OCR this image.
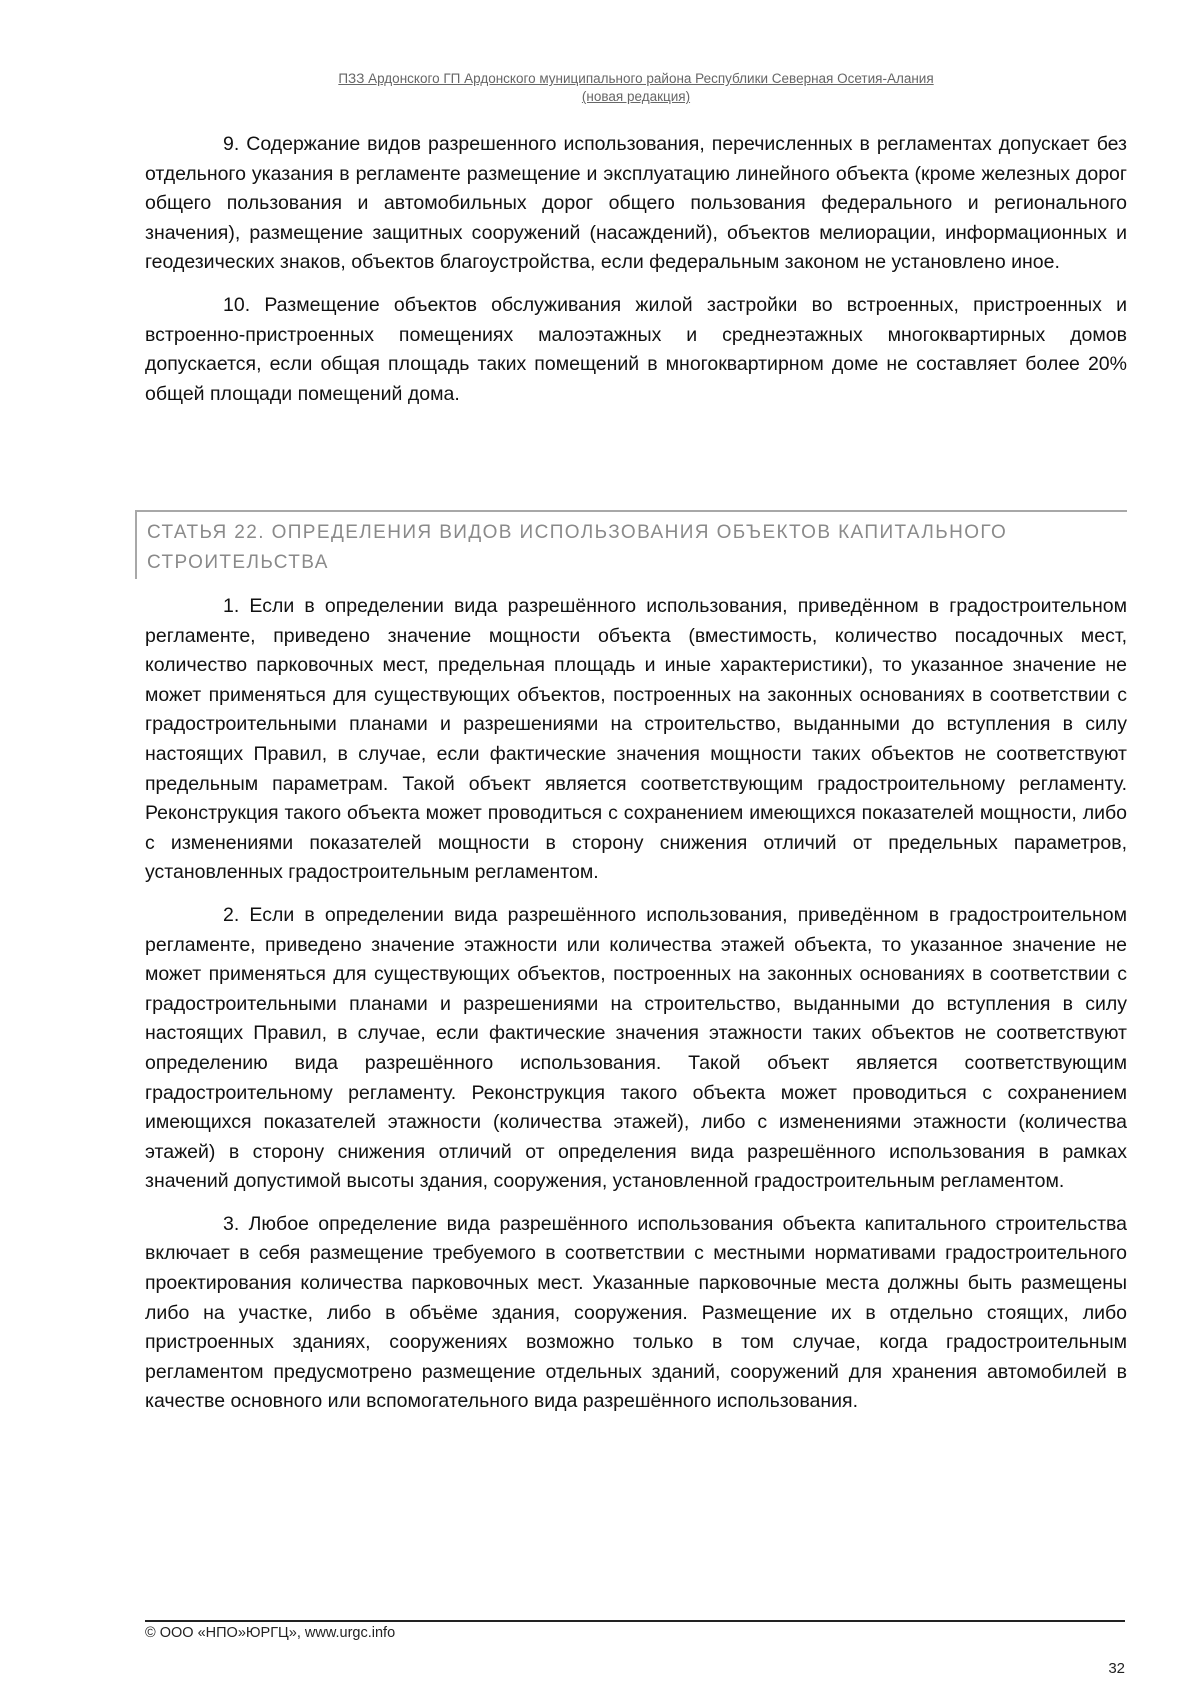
ПЗЗ Ардонского ГП Ардонского муниципального района Республики Северная Осетия-Алания
(новая редакция)

9. Содержание видов разрешенного использования, перечисленных в регламентах допускает без отдельного указания в регламенте размещение и эксплуатацию линейного объекта (кроме железных дорог общего пользования и автомобильных дорог общего пользования федерального и регионального значения), размещение защитных сооружений (насаждений), объектов мелиорации, информационных и геодезических знаков, объектов благоустройства, если федеральным законом не установлено иное.

10. Размещение объектов обслуживания жилой застройки во встроенных, пристроенных и встроенно-пристроенных помещениях малоэтажных и среднеэтажных многоквартирных домов допускается, если общая площадь таких помещений в многоквартирном доме не составляет более 20% общей площади помещений дома.

СТАТЬЯ 22. ОПРЕДЕЛЕНИЯ ВИДОВ ИСПОЛЬЗОВАНИЯ ОБЪЕКТОВ КАПИТАЛЬНОГО СТРОИТЕЛЬСТВА

1. Если в определении вида разрешённого использования, приведённом в градостроительном регламенте, приведено значение мощности объекта (вместимость, количество посадочных мест, количество парковочных мест, предельная площадь и иные характеристики), то указанное значение не может применяться для существующих объектов, построенных на законных основаниях в соответствии с градостроительными планами и разрешениями на строительство, выданными до вступления в силу настоящих Правил, в случае, если фактические значения мощности таких объектов не соответствуют предельным параметрам. Такой объект является соответствующим градостроительному регламенту. Реконструкция такого объекта может проводиться с сохранением имеющихся показателей мощности, либо с изменениями показателей мощности в сторону снижения отличий от предельных параметров, установленных градостроительным регламентом.

2. Если в определении вида разрешённого использования, приведённом в градостроительном регламенте, приведено значение этажности или количества этажей объекта, то указанное значение не может применяться для существующих объектов, построенных на законных основаниях в соответствии с градостроительными планами и разрешениями на строительство, выданными до вступления в силу настоящих Правил, в случае, если фактические значения этажности таких объектов не соответствуют определению вида разрешённого использования. Такой объект является соответствующим градостроительному регламенту. Реконструкция такого объекта может проводиться с сохранением имеющихся показателей этажности (количества этажей), либо с изменениями этажности (количества этажей) в сторону снижения отличий от определения вида разрешённого использования в рамках значений допустимой высоты здания, сооружения, установленной градостроительным регламентом.

3. Любое определение вида разрешённого использования объекта капитального строительства включает в себя размещение требуемого в соответствии с местными нормативами градостроительного проектирования количества парковочных мест. Указанные парковочные места должны быть размещены либо на участке, либо в объёме здания, сооружения. Размещение их в отдельно стоящих, либо пристроенных зданиях, сооружениях возможно только в том случае, когда градостроительным регламентом предусмотрено размещение отдельных зданий, сооружений для хранения автомобилей в качестве основного или вспомогательного вида разрешённого использования.

© ООО «НПО»ЮРГЦ», www.urgc.info
32
